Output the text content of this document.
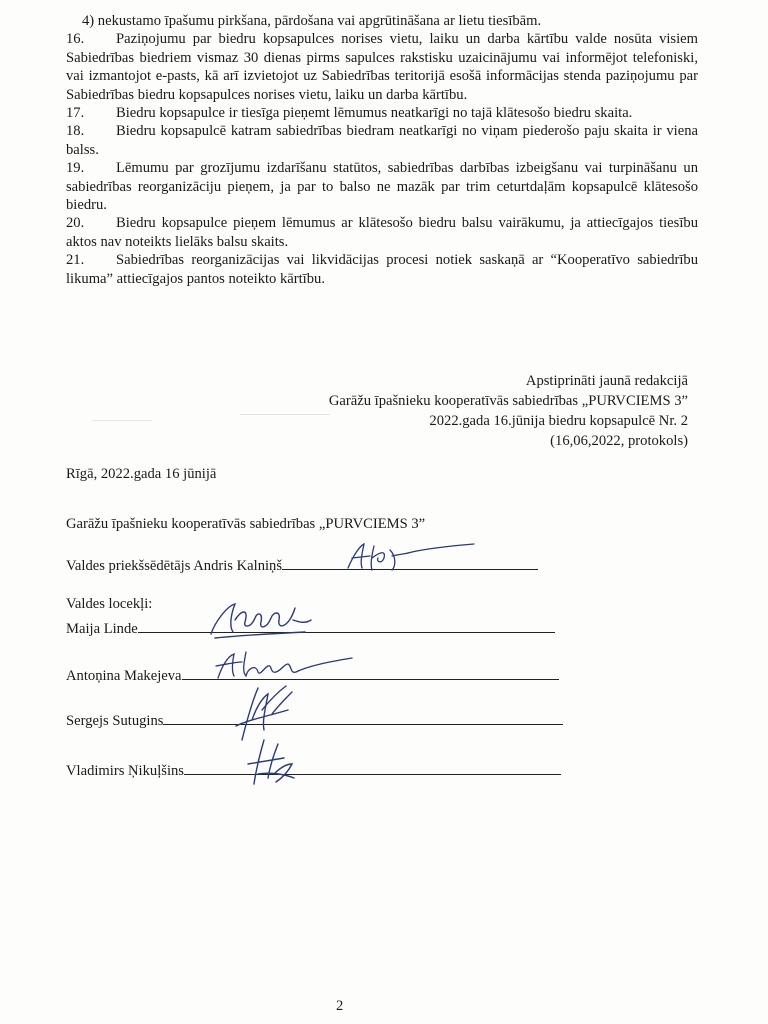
4) nekustamo īpašumu pirkšana, pārdošana vai apgrūtināšana ar lietu tiesībām.

16. Paziņojumu par biedru kopsapulces norises vietu, laiku un darba kārtību valde nosūta visiem Sabiedrības biedriem vismaz 30 dienas pirms sapulces rakstisku uzaicinājumu vai informējot telefoniski, vai izmantojot e-pasts, kā arī izvietojot uz Sabiedrības teritorijā esošā informācijas stenda paziņojumu par Sabiedrības biedru kopsapulces norises vietu, laiku un darba kārtību.

17. Biedru kopsapulce ir tiesīga pieņemt lēmumus neatkarīgi no tajā klātesošo biedru skaita.

18. Biedru kopsapulcē katram sabiedrības biedram neatkarīgi no viņam piederošo paju skaita ir viena balss.

19. Lēmumu par grozījumu izdarīšanu statūtos, sabiedrības darbības izbeigšanu vai turpināšanu un sabiedrības reorganizāciju pieņem, ja par to balso ne mazāk par trim ceturtdaļām kopsapulcē klātesošo biedru.

20. Biedru kopsapulce pieņem lēmumus ar klātesošo biedru balsu vairākumu, ja attiecīgajos tiesību aktos nav noteikts lielāks balsu skaits.

21. Sabiedrības reorganizācijas vai likvidācijas procesi notiek saskaņā ar “Kooperatīvo sabiedrību likuma” attiecīgajos pantos noteikto kārtību.

Apstiprināti jaunā redakcijā
Garāžu īpašnieku kooperatīvās sabiedrības „PURVCIEMS 3”
2022.gada 16.jūnija biedru kopsapulcē Nr. 2
(16,06,2022, protokols)
Rīgā, 2022.gada 16 jūnijā
Garāžu īpašnieku kooperatīvās sabiedrības „PURVCIEMS 3”
Valdes priekšsēdētājs Andris Kalniņš
Valdes locekļi:
Maija Linde
Antoņina Makejeva
Sergejs Sutugins
Vladimirs Ņikuļšins
2
